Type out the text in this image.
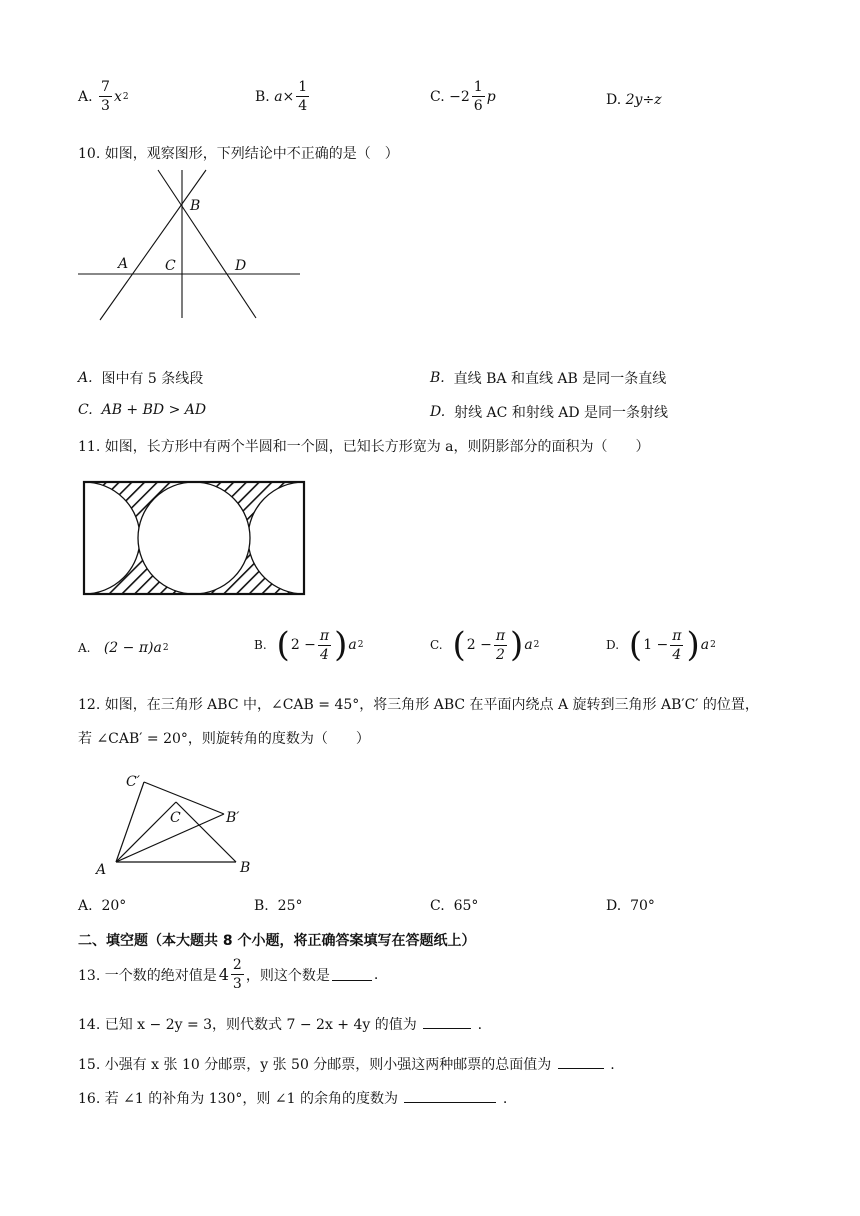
A.
$\frac{7}{3}$ x 2	B.
$a\times \frac{1}{4}$	C.
$-2 \frac{1}{6}$ p	D.
2y÷z
10. 如图，观察图形，下列结论中不正确的是（　）
B
A	C	D
A.
图中有 5 条线段	B.
直线 BA 和直线 AB 是同一条直线
C.
AB + BD > AD	D.
射线 AC 和射线 AD 是同一条射线
11. 如图，长方形中有两个半圆和一个圆，已知长方形宽为 a，则阴影部分的面积为（　　）
A.
(2 − π)a 2	B.
( $2 - \frac{\pi}{4}$ ) a 2	C.
( $2 - \frac{\pi}{2}$ ) a 2	D.
( $1 - \frac{\pi}{4}$ ) a 2
12. 如图，在三角形 ABC 中，∠CAB = 45°，将三角形 ABC 在平面内绕点 A 旋转到三角形 AB′C′ 的位置，
若 ∠CAB′ = 20°，则旋转角的度数为（　　）
C′
C	B′
A	B
A.
20°	B.
25°	C.
65°	D.
70°
二、填空题（本大题共 8 个小题，将正确答案填写在答题纸上）
13. 一个数的绝对值是 $4 \frac{2}{3}$ ，则这个数是	.
14. 已知 x − 2y = 3，则代数式 7 − 2x + 4y 的值为	.
15. 小强有 x 张 10 分邮票，y 张 50 分邮票，则小强这两种邮票的总面值为	.
16. 若 ∠1 的补角为 130°，则 ∠1 的余角的度数为	.
